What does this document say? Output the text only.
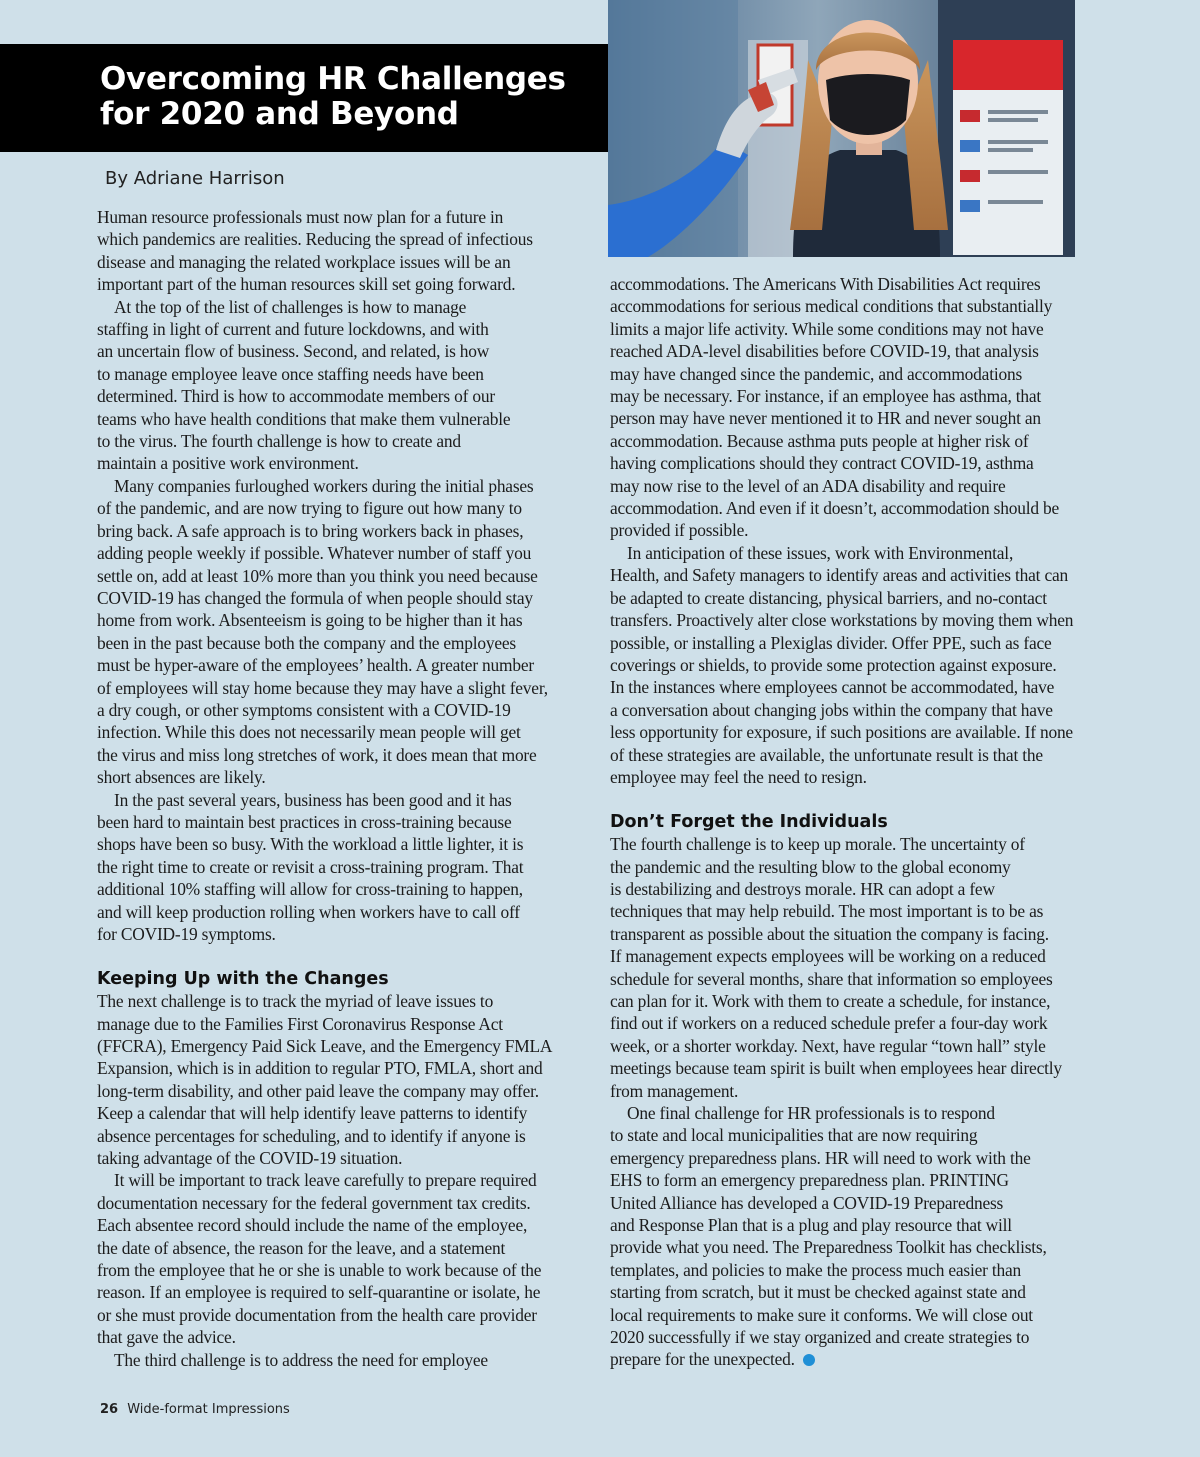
Overcoming HR Challenges
for 2020 and Beyond

By Adriane Harrison

Human resource professionals must now plan for a future in
which pandemics are realities. Reducing the spread of infectious
disease and managing the related workplace issues will be an
important part of the human resources skill set going forward.
At the top of the list of challenges is how to manage
staffing in light of current and future lockdowns, and with
an uncertain flow of business. Second, and related, is how
to manage employee leave once staffing needs have been
determined. Third is how to accommodate members of our
teams who have health conditions that make them vulnerable
to the virus. The fourth challenge is how to create and
maintain a positive work environment.
Many companies furloughed workers during the initial phases
of the pandemic, and are now trying to figure out how many to
bring back. A safe approach is to bring workers back in phases,
adding people weekly if possible. Whatever number of staff you
settle on, add at least 10% more than you think you need because
COVID-19 has changed the formula of when people should stay
home from work. Absenteeism is going to be higher than it has
been in the past because both the company and the employees
must be hyper-aware of the employees’ health. A greater number
of employees will stay home because they may have a slight fever,
a dry cough, or other symptoms consistent with a COVID-19
infection. While this does not necessarily mean people will get
the virus and miss long stretches of work, it does mean that more
short absences are likely.
In the past several years, business has been good and it has
been hard to maintain best practices in cross-training because
shops have been so busy. With the workload a little lighter, it is
the right time to create or revisit a cross-training program. That
additional 10% staffing will allow for cross-training to happen,
and will keep production rolling when workers have to call off
for COVID-19 symptoms.
Keeping Up with the Changes
The next challenge is to track the myriad of leave issues to
manage due to the Families First Coronavirus Response Act
(FFCRA), Emergency Paid Sick Leave, and the Emergency FMLA
Expansion, which is in addition to regular PTO, FMLA, short and
long-term disability, and other paid leave the company may offer.
Keep a calendar that will help identify leave patterns to identify
absence percentages for scheduling, and to identify if anyone is
taking advantage of the COVID-19 situation.
It will be important to track leave carefully to prepare required
documentation necessary for the federal government tax credits.
Each absentee record should include the name of the employee,
the date of absence, the reason for the leave, and a statement
from the employee that he or she is unable to work because of the
reason. If an employee is required to self-quarantine or isolate, he
or she must provide documentation from the health care provider
that gave the advice.
The third challenge is to address the need for employee
accommodations. The Americans With Disabilities Act requires
accommodations for serious medical conditions that substantially
limits a major life activity. While some conditions may not have
reached ADA-level disabilities before COVID-19, that analysis
may have changed since the pandemic, and accommodations
may be necessary. For instance, if an employee has asthma, that
person may have never mentioned it to HR and never sought an
accommodation. Because asthma puts people at higher risk of
having complications should they contract COVID-19, asthma
may now rise to the level of an ADA disability and require
accommodation. And even if it doesn’t, accommodation should be
provided if possible.
In anticipation of these issues, work with Environmental,
Health, and Safety managers to identify areas and activities that can
be adapted to create distancing, physical barriers, and no-contact
transfers. Proactively alter close workstations by moving them when
possible, or installing a Plexiglas divider. Offer PPE, such as face
coverings or shields, to provide some protection against exposure.
In the instances where employees cannot be accommodated, have
a conversation about changing jobs within the company that have
less opportunity for exposure, if such positions are available. If none
of these strategies are available, the unfortunate result is that the
employee may feel the need to resign.
Don’t Forget the Individuals
The fourth challenge is to keep up morale. The uncertainty of
the pandemic and the resulting blow to the global economy
is destabilizing and destroys morale. HR can adopt a few
techniques that may help rebuild. The most important is to be as
transparent as possible about the situation the company is facing.
If management expects employees will be working on a reduced
schedule for several months, share that information so employees
can plan for it. Work with them to create a schedule, for instance,
find out if workers on a reduced schedule prefer a four-day work
week, or a shorter workday. Next, have regular “town hall” style
meetings because team spirit is built when employees hear directly
from management.
One final challenge for HR professionals is to respond
to state and local municipalities that are now requiring
emergency preparedness plans. HR will need to work with the
EHS to form an emergency preparedness plan. PRINTING
United Alliance has developed a COVID-19 Preparedness
and Response Plan that is a plug and play resource that will
provide what you need. The Preparedness Toolkit has checklists,
templates, and policies to make the process much easier than
starting from scratch, but it must be checked against state and
local requirements to make sure it conforms. We will close out
2020 successfully if we stay organized and create strategies to
prepare for the unexpected.
26 Wide-format Impressions
